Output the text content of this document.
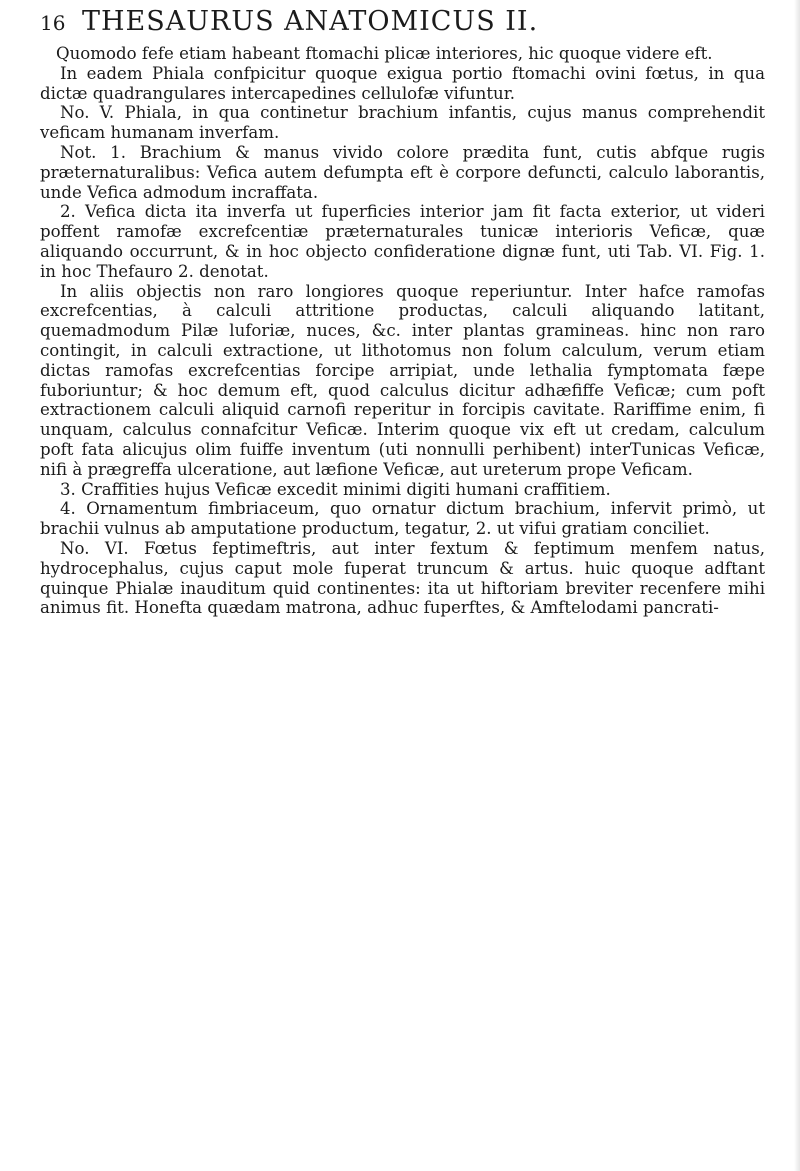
16 THESAURUS ANATOMICUS II.

Quomodo fefe etiam habeant ftomachi plicæ interiores, hic quoque videre eft.

In eadem Phiala confpicitur quoque exigua portio ftomachi ovini fœtus, in qua dictæ quadrangulares intercapedines cellulofæ vifuntur.

No. V. Phiala, in qua continetur brachium infantis, cujus manus comprehendit veficam humanam inverfam.

Not. 1. Brachium & manus vivido colore prædita funt, cutis abfque rugis præternaturalibus: Vefica autem defumpta eft è corpore defuncti, calculo laborantis, unde Vefica admodum incraffata.

2. Vefica dicta ita inverfa ut fuperficies interior jam fit facta exterior, ut videri poffent ramofæ excrefcentiæ præternaturales tunicæ interioris Veficæ, quæ aliquando occurrunt, & in hoc objecto confideratione dignæ funt, uti Tab. VI. Fig. 1. in hoc Thefauro 2. denotat.

In aliis objectis non raro longiores quoque reperiuntur. Inter hafce ramofas excrefcentias, à calculi attritione productas, calculi aliquando latitant, quemadmodum Pilæ luforiæ, nuces, &c. inter plantas gramineas. hinc non raro contingit, in calculi extractione, ut lithotomus non folum calculum, verum etiam dictas ramofas excrefcentias forcipe arripiat, unde lethalia fymptomata fæpe fuboriuntur; & hoc demum eft, quod calculus dicitur adhæfiffe Veficæ; cum poft extractionem calculi aliquid carnofi reperitur in forcipis cavitate. Rariffime enim, fi unquam, calculus connafcitur Veficæ. Interim quoque vix eft ut credam, calculum poft fata alicujus olim fuiffe inventum (uti nonnulli perhibent) interTunicas Veficæ, nifi à prægreffa ulceratione, aut læfione Veficæ, aut ureterum prope Veficam.

3. Craffities hujus Veficæ excedit minimi digiti humani craffitiem.

4. Ornamentum fimbriaceum, quo ornatur dictum brachium, infervit primò, ut brachii vulnus ab amputatione productum, tegatur, 2. ut vifui gratiam conciliet.

No. VI. Fœtus feptimeftris, aut inter fextum & feptimum menfem natus, hydrocephalus, cujus caput mole fuperat truncum & artus. huic quoque adftant quinque Phialæ inauditum quid continentes: ita ut hiftoriam breviter recenfere mihi animus fit. Honefta quædam matrona, adhuc fuperftes, & Amftelodami pancrati-
